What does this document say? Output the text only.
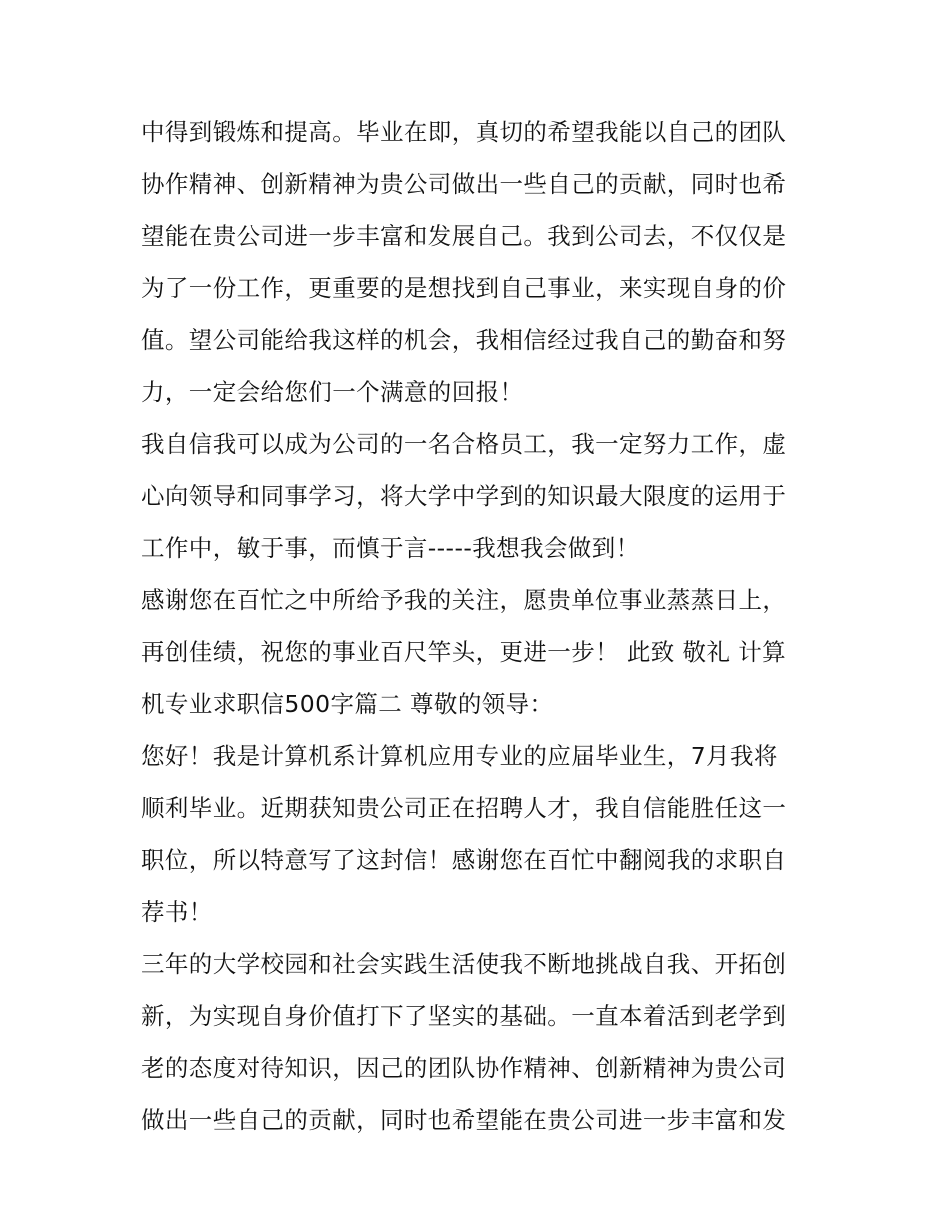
中得到锻炼和提高。毕业在即，真切的希望我能以自己的团队
协作精神、创新精神为贵公司做出一些自己的贡献，同时也希
望能在贵公司进一步丰富和发展自己。我到公司去，不仅仅是
为了一份工作，更重要的是想找到自己事业，来实现自身的价
值。望公司能给我这样的机会，我相信经过我自己的勤奋和努
力，一定会给您们一个满意的回报！
我自信我可以成为公司的一名合格员工，我一定努力工作，虚
心向领导和同事学习，将大学中学到的知识最大限度的运用于
工作中，敏于事，而慎于言-----我想我会做到！
感谢您在百忙之中所给予我的关注，愿贵单位事业蒸蒸日上，
再创佳绩，祝您的事业百尺竿头，更进一步！ 此致 敬礼 计算
机专业求职信500字篇二 尊敬的领导：
您好！我是计算机系计算机应用专业的应届毕业生，7月我将
顺利毕业。近期获知贵公司正在招聘人才，我自信能胜任这一
职位，所以特意写了这封信！感谢您在百忙中翻阅我的求职自
荐书！
三年的大学校园和社会实践生活使我不断地挑战自我、开拓创
新，为实现自身价值打下了坚实的基础。一直本着活到老学到
老的态度对待知识，因己的团队协作精神、创新精神为贵公司
做出一些自己的贡献，同时也希望能在贵公司进一步丰富和发
